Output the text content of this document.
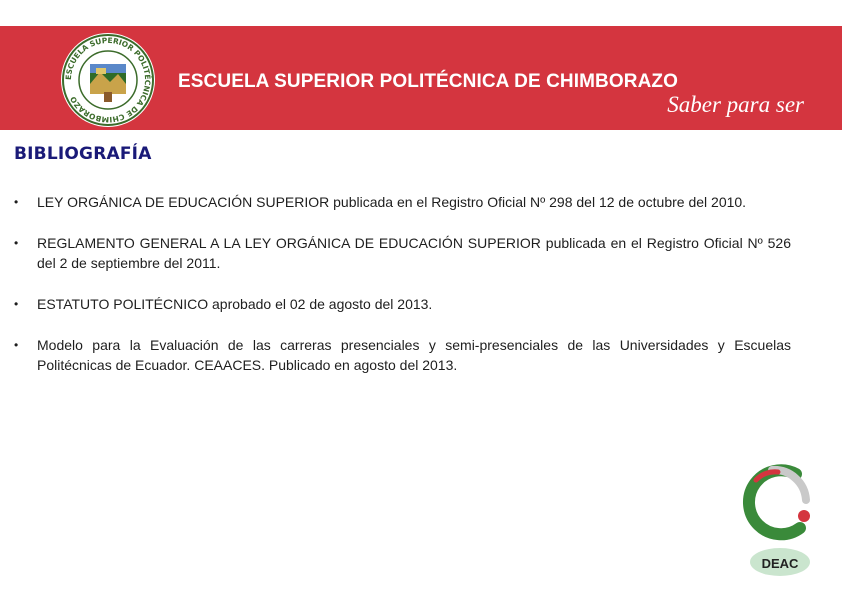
ESCUELA SUPERIOR POLITÉCNICA DE CHIMBORAZO
ESCUELA SUPERIOR POLITÉCNICA DE CHIMBORAZO
Saber para ser
BIBLIOGRAFÍA
• LEY ORGÁNICA DE EDUCACIÓN SUPERIOR publicada en el Registro Oficial Nº 298 del 12 de octubre del 2010.
• REGLAMENTO GENERAL A LA LEY ORGÁNICA DE EDUCACIÓN SUPERIOR publicada en el Registro Oficial Nº 526 del 2 de septiembre del 2011.
• ESTATUTO POLITÉCNICO aprobado el 02 de agosto del 2013.
• Modelo para la Evaluación de las carreras presenciales y semi-presenciales de las Universidades y Escuelas Politécnicas de Ecuador. CEAACES. Publicado en agosto del 2013.
DEAC
